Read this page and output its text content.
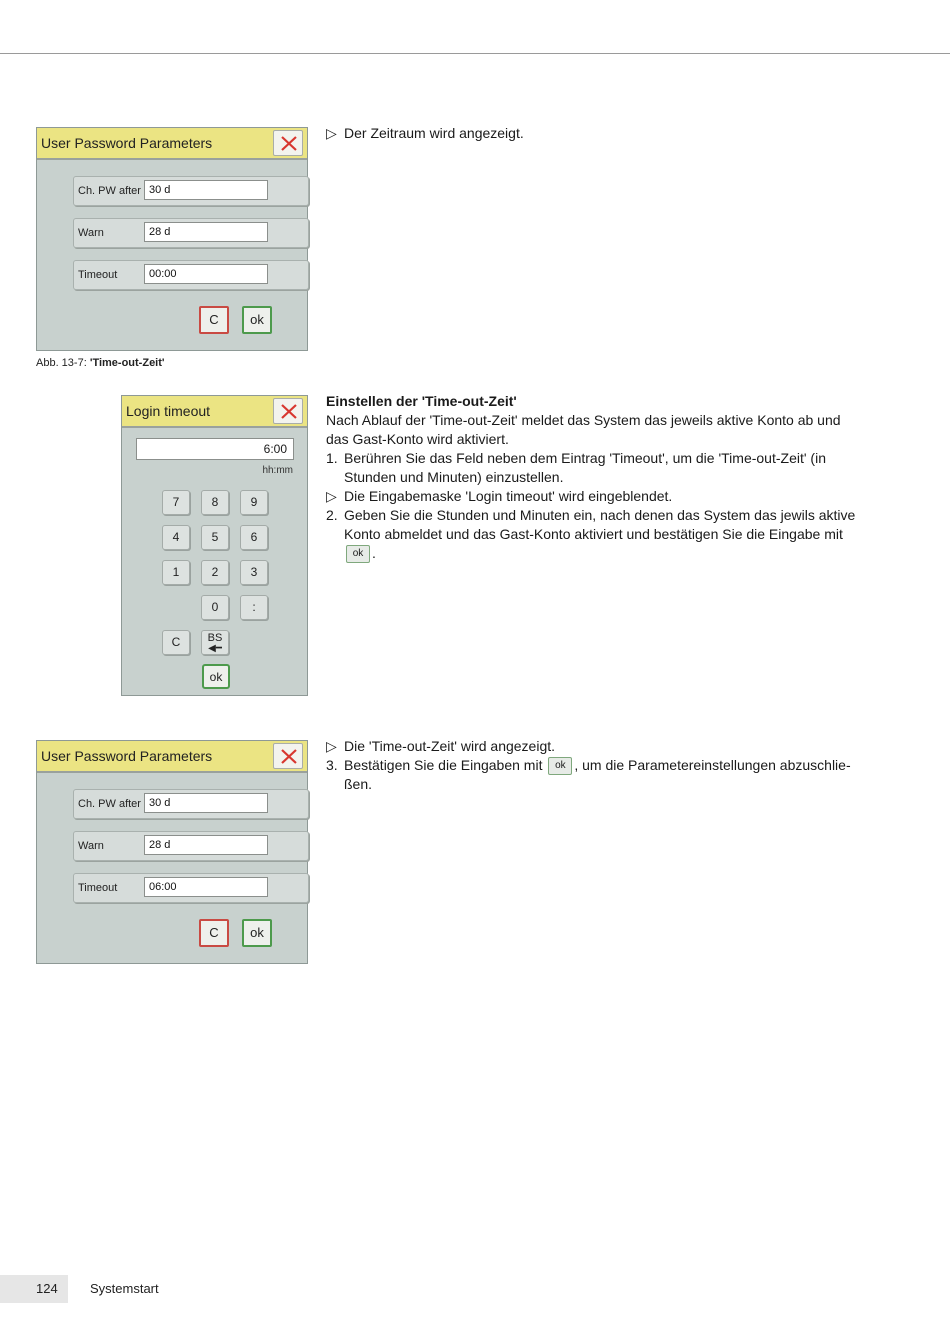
User Password Parameters
Ch. PW after 30 d
Warn	28 d
Timeout	00:00
C	ok
Abb. 13-7: 'Time-out-Zeit'
Login timeout
6:00
hh:mm
7	8	9
4	5	6
1	2	3
0	:
C	BS
◀━
ok
User Password Parameters
Ch. PW after 30 d
Warn	28 d
Timeout	06:00
C	ok

▷ Der Zeitraum wird angezeigt.

Einstellen der 'Time-out-Zeit'

Nach Ablauf der 'Time-out-Zeit' meldet das System das jeweils aktive Konto ab und das Gast-Konto wird aktiviert.

1. Berühren Sie das Feld neben dem Eintrag 'Timeout', um die 'Time-out-Zeit' (in Stunden und Minuten) einzustellen.

▷ Die Eingabemaske 'Login timeout' wird eingeblendet.

2. Geben Sie die Stunden und Minuten ein, nach denen das System das jewils aktive Konto abmeldet und das Gast-Konto aktiviert und bestätigen Sie die Eingabe mit
ok .

▷ Die 'Time-out-Zeit' wird angezeigt.

3. Bestätigen Sie die Eingaben mit ok , um die Parametereinstellungen abzuschlie-ßen.

124 Systemstart
